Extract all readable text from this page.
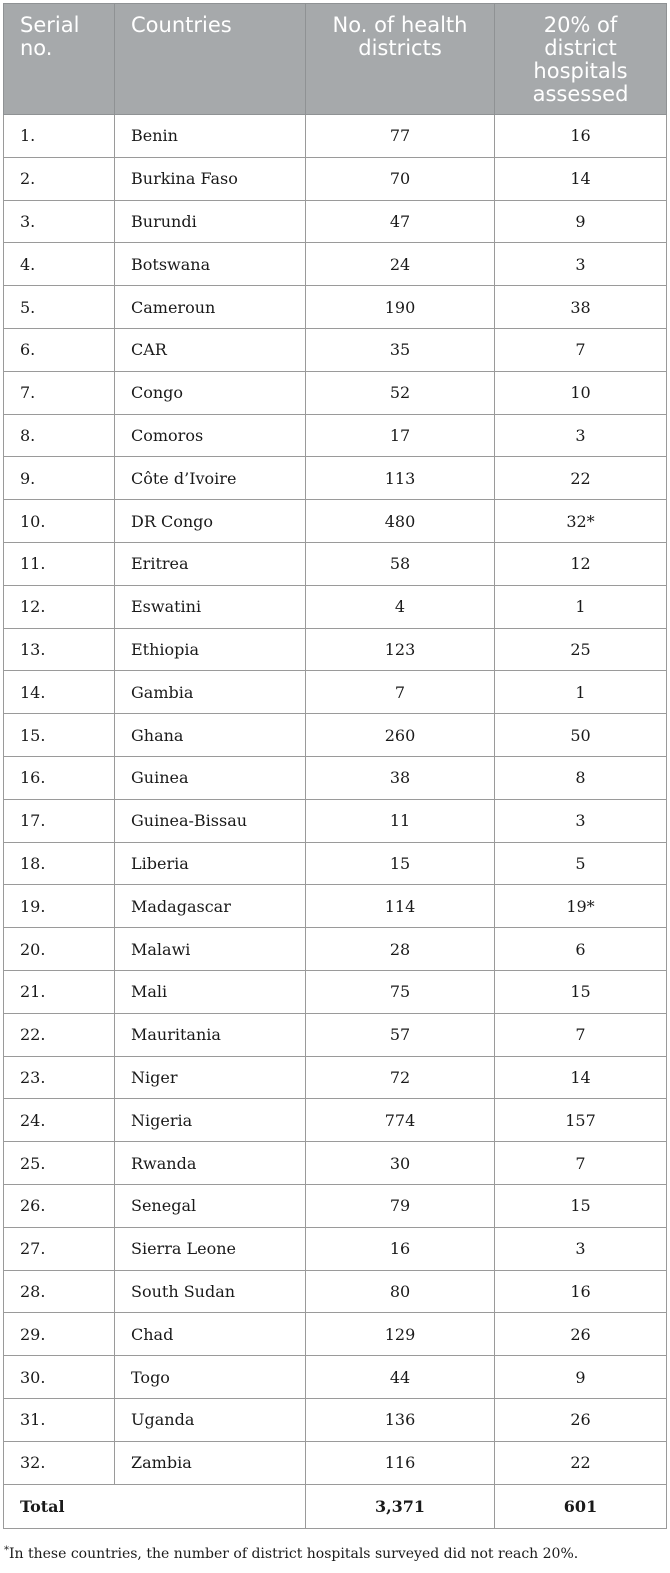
Serial no.	Countries	No. of health districts	20% of district hospitals assessed
1.	Benin	77	16
2.	Burkina Faso	70	14
3.	Burundi	47	9
4.	Botswana	24	3
5.	Cameroun	190	38
6.	CAR	35	7
7.	Congo	52	10
8.	Comoros	17	3
9.	Côte d’Ivoire	113	22
10.	DR Congo	480	32*
11.	Eritrea	58	12
12.	Eswatini	4	1
13.	Ethiopia	123	25
14.	Gambia	7	1
15.	Ghana	260	50
16.	Guinea	38	8
17.	Guinea-Bissau	11	3
18.	Liberia	15	5
19.	Madagascar	114	19*
20.	Malawi	28	6
21.	Mali	75	15
22.	Mauritania	57	7
23.	Niger	72	14
24.	Nigeria	774	157
25.	Rwanda	30	7
26.	Senegal	79	15
27.	Sierra Leone	16	3
28.	South Sudan	80	16
29.	Chad	129	26
30.	Togo	44	9
31.	Uganda	136	26
32.	Zambia	116	22
Total		3,371	601
*In these countries, the number of district hospitals surveyed did not reach 20%.
